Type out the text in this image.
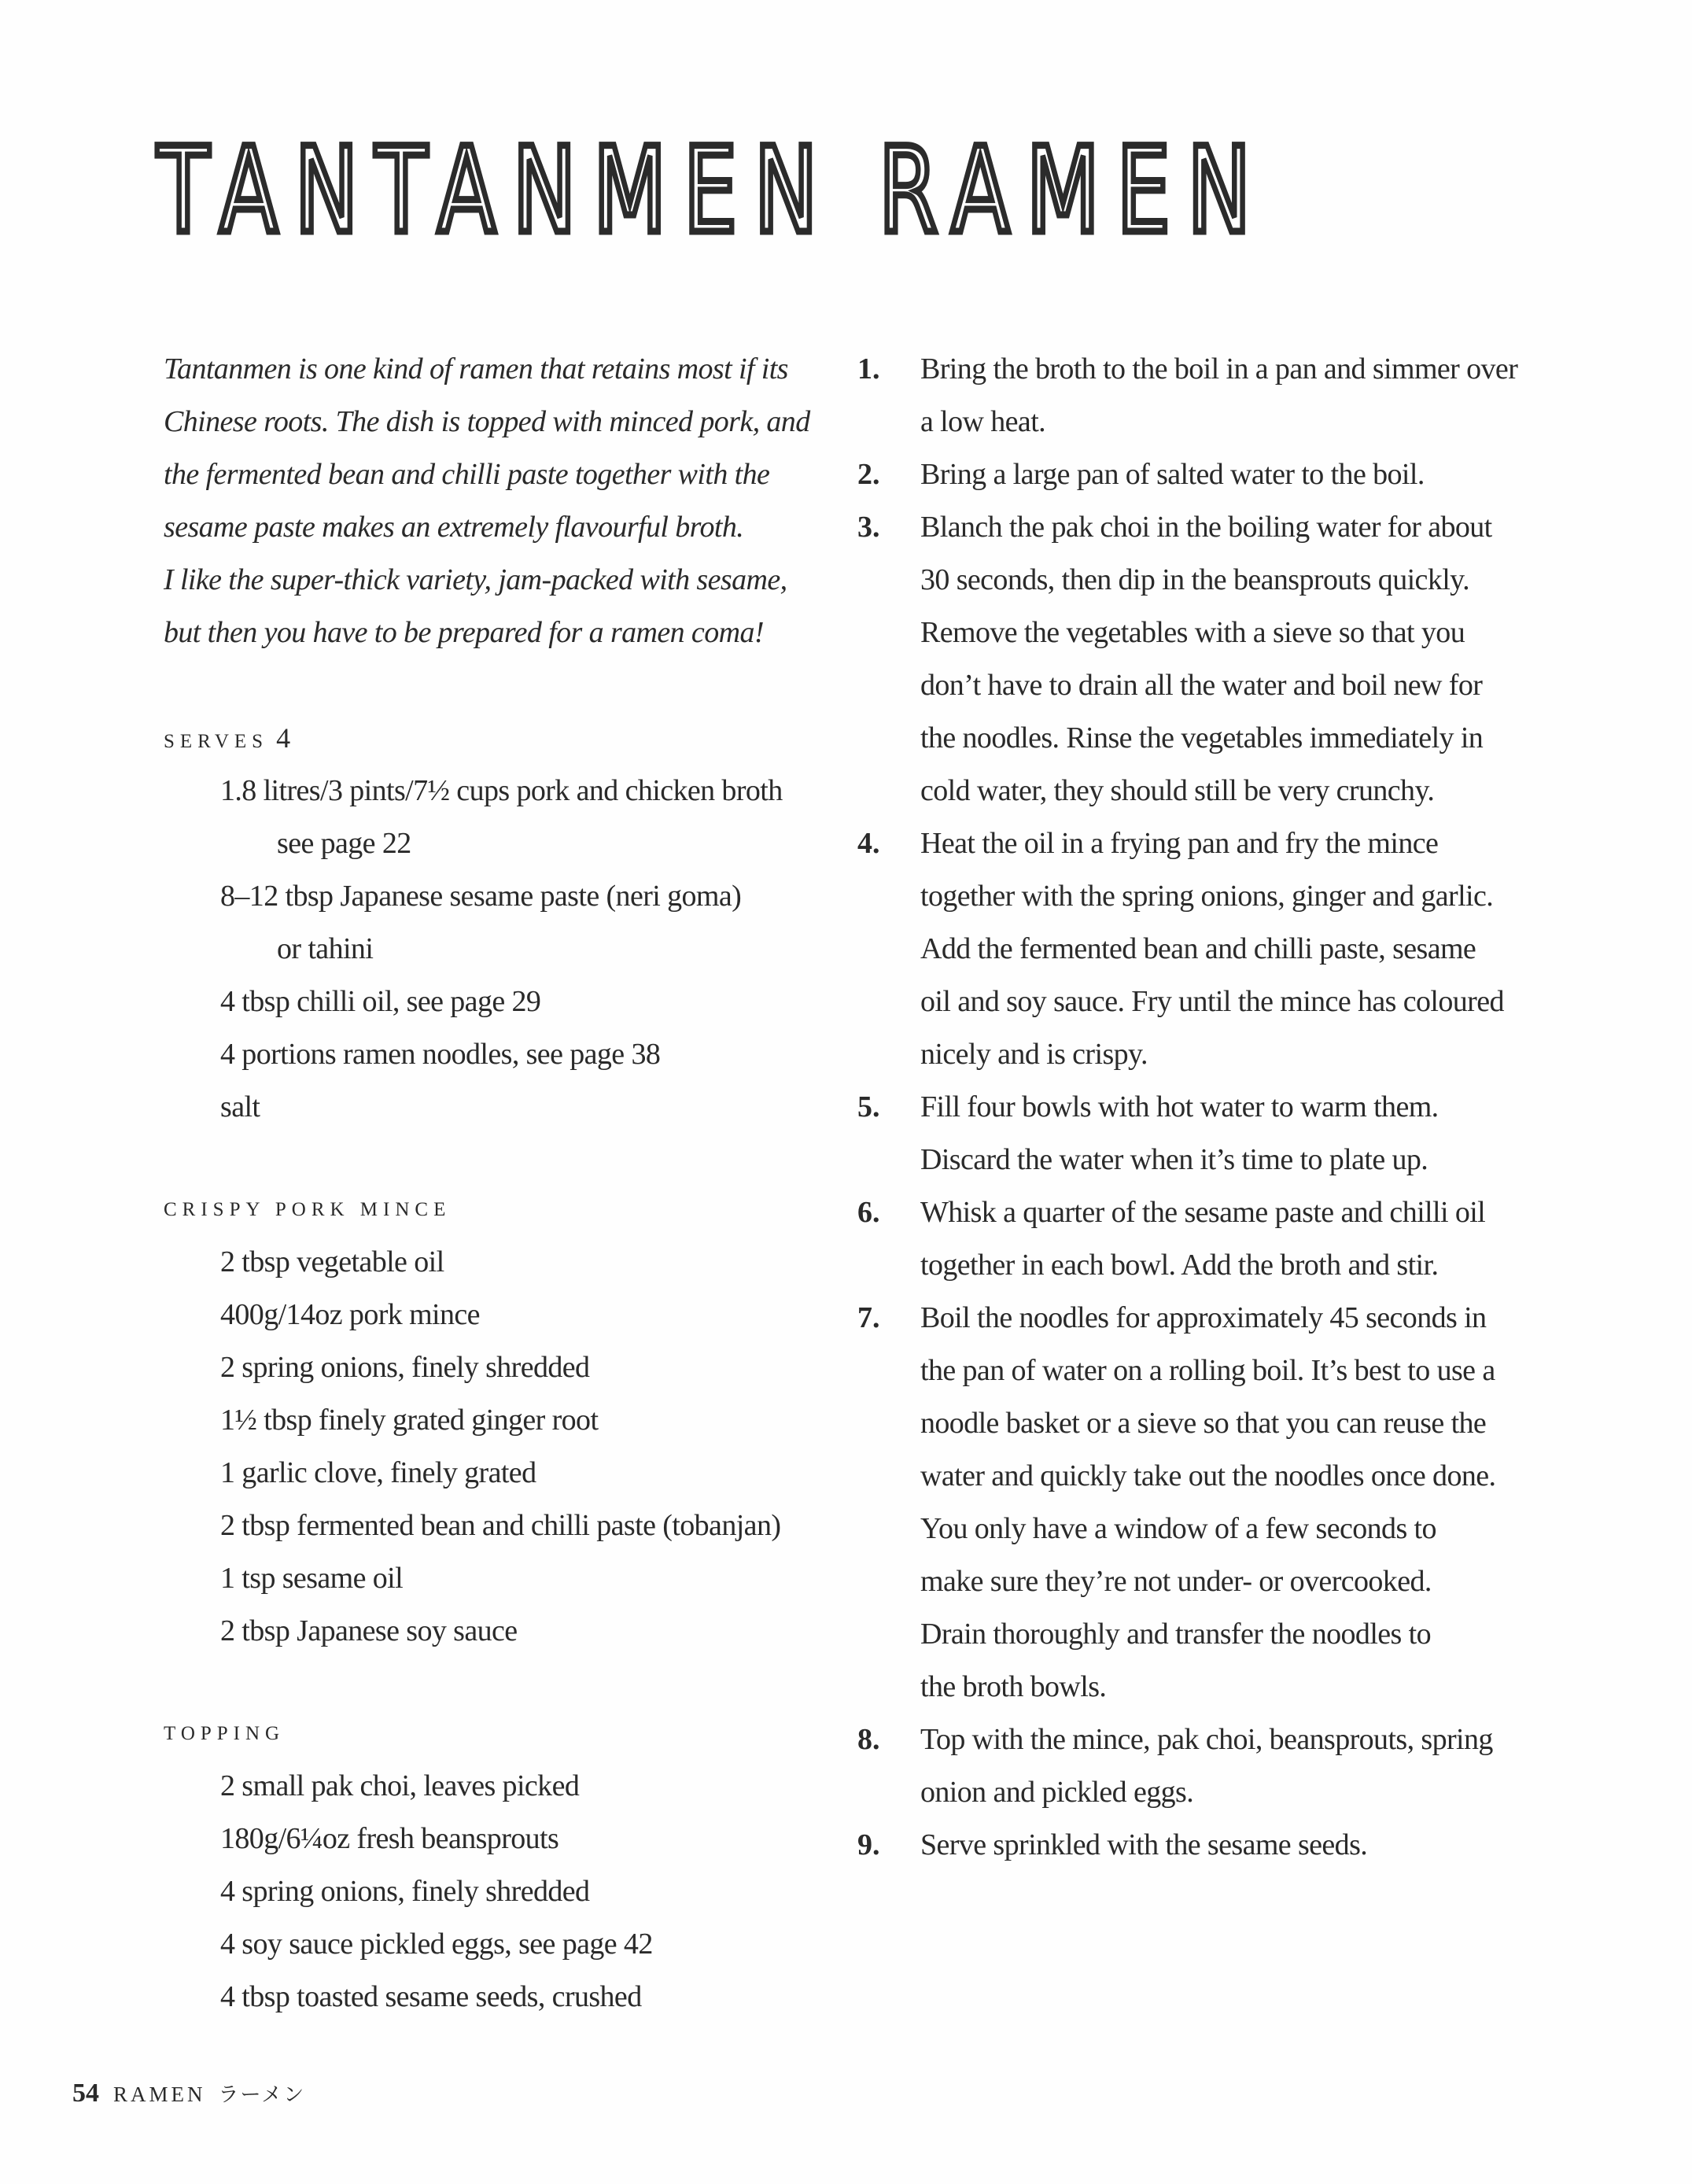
TANTANMEN RAMEN

Tantanmen is one kind of ramen that retains most if its
Chinese roots. The dish is topped with minced pork, and
the fermented bean and chilli paste together with the
sesame paste makes an extremely flavourful broth.
I like the super-thick variety, jam-packed with sesame,
but then you have to be prepared for a ramen coma!

SERVES 4
1.8 litres/3 pints/7½ cups pork and chicken broth
see page 22
8–12 tbsp Japanese sesame paste (neri goma)
or tahini
4 tbsp chilli oil, see page 29
4 portions ramen noodles, see page 38
salt
CRISPY PORK MINCE
2 tbsp vegetable oil
400g/14oz pork mince
2 spring onions, finely shredded
1½ tbsp finely grated ginger root
1 garlic clove, finely grated
2 tbsp fermented bean and chilli paste (tobanjan)
1 tsp sesame oil
2 tbsp Japanese soy sauce
TOPPING
2 small pak choi, leaves picked
180g/6¼oz fresh beansprouts
4 spring onions, finely shredded
4 soy sauce pickled eggs, see page 42
4 tbsp toasted sesame seeds, crushed
1. Bring the broth to the boil in a pan and simmer over
a low heat.
2. Bring a large pan of salted water to the boil.
3. Blanch the pak choi in the boiling water for about
30 seconds, then dip in the beansprouts quickly.
Remove the vegetables with a sieve so that you
don’t have to drain all the water and boil new for
the noodles. Rinse the vegetables immediately in
cold water, they should still be very crunchy.
4. Heat the oil in a frying pan and fry the mince
together with the spring onions, ginger and garlic.
Add the fermented bean and chilli paste, sesame
oil and soy sauce. Fry until the mince has coloured
nicely and is crispy.
5. Fill four bowls with hot water to warm them.
Discard the water when it’s time to plate up.
6. Whisk a quarter of the sesame paste and chilli oil
together in each bowl. Add the broth and stir.
7. Boil the noodles for approximately 45 seconds in
the pan of water on a rolling boil. It’s best to use a
noodle basket or a sieve so that you can reuse the
water and quickly take out the noodles once done.
You only have a window of a few seconds to
make sure they’re not under- or overcooked.
Drain thoroughly and transfer the noodles to
the broth bowls.
8. Top with the mince, pak choi, beansprouts, spring
onion and pickled eggs.
9. Serve sprinkled with the sesame seeds.
54 RAMEN ラーメン
